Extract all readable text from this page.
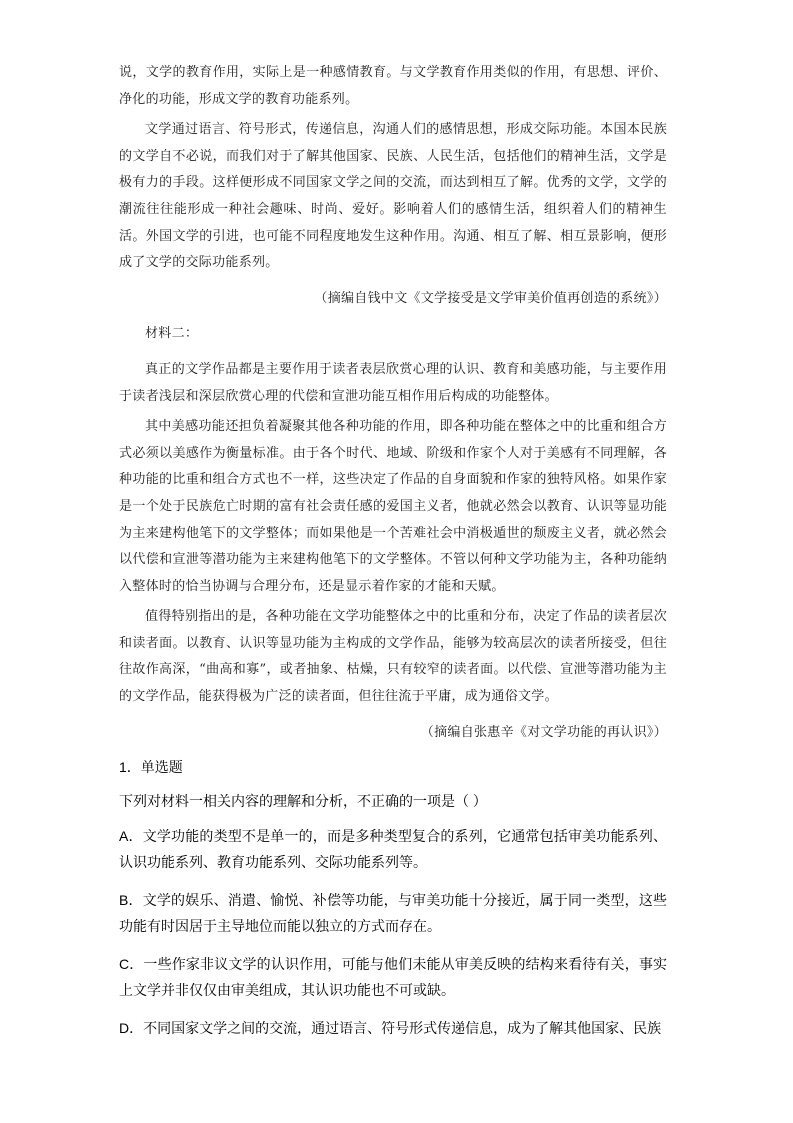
说，文学的教育作用，实际上是一种感情教育。与文学教育作用类似的作用，有思想、评价、净化的功能，形成文学的教育功能系列。

文学通过语言、符号形式，传递信息，沟通人们的感情思想，形成交际功能。本国本民族的文学自不必说，而我们对于了解其他国家、民族、人民生活，包括他们的精神生活，文学是极有力的手段。这样便形成不同国家文学之间的交流，而达到相互了解。优秀的文学，文学的潮流往往能形成一种社会趣味、时尚、爱好。影响着人们的感情生活，组织着人们的精神生活。外国文学的引进，也可能不同程度地发生这种作用。沟通、相互了解、相互景影响，便形成了文学的交际功能系列。

（摘编自钱中文《文学接受是文学审美价值再创造的系统》）

材料二：

真正的文学作品都是主要作用于读者表层欣赏心理的认识、教育和美感功能，与主要作用于读者浅层和深层欣赏心理的代偿和宣泄功能互相作用后构成的功能整体。

其中美感功能还担负着凝聚其他各种功能的作用，即各种功能在整体之中的比重和组合方式必须以美感作为衡量标准。由于各个时代、地域、阶级和作家个人对于美感有不同理解，各种功能的比重和组合方式也不一样，这些决定了作品的自身面貌和作家的独特风格。如果作家是一个处于民族危亡时期的富有社会责任感的爱国主义者，他就必然会以教育、认识等显功能为主来建构他笔下的文学整体；而如果他是一个苦难社会中消极遁世的颓废主义者，就必然会以代偿和宣泄等潜功能为主来建构他笔下的文学整体。不管以何种文学功能为主，各种功能纳入整体时的恰当协调与合理分布，还是显示着作家的才能和天赋。

值得特别指出的是，各种功能在文学功能整体之中的比重和分布，决定了作品的读者层次和读者面。以教育、认识等显功能为主构成的文学作品，能够为较高层次的读者所接受，但往往故作高深，“曲高和寡”，或者抽象、枯燥，只有较窄的读者面。以代偿、宣泄等潜功能为主的文学作品，能获得极为广泛的读者面，但往往流于平庸，成为通俗文学。

（摘编自张惠辛《对文学功能的再认识》）

1．单选题

下列对材料一相关内容的理解和分析，不正确的一项是（ ）

A．文学功能的类型不是单一的，而是多种类型复合的系列，它通常包括审美功能系列、认识功能系列、教育功能系列、交际功能系列等。

B．文学的娱乐、消遣、愉悦、补偿等功能，与审美功能十分接近，属于同一类型，这些功能有时因居于主导地位而能以独立的方式而存在。

C．一些作家非议文学的认识作用，可能与他们未能从审美反映的结构来看待有关，事实上文学并非仅仅由审美组成，其认识功能也不可或缺。

D．不同国家文学之间的交流，通过语言、符号形式传递信息，成为了解其他国家、民族
